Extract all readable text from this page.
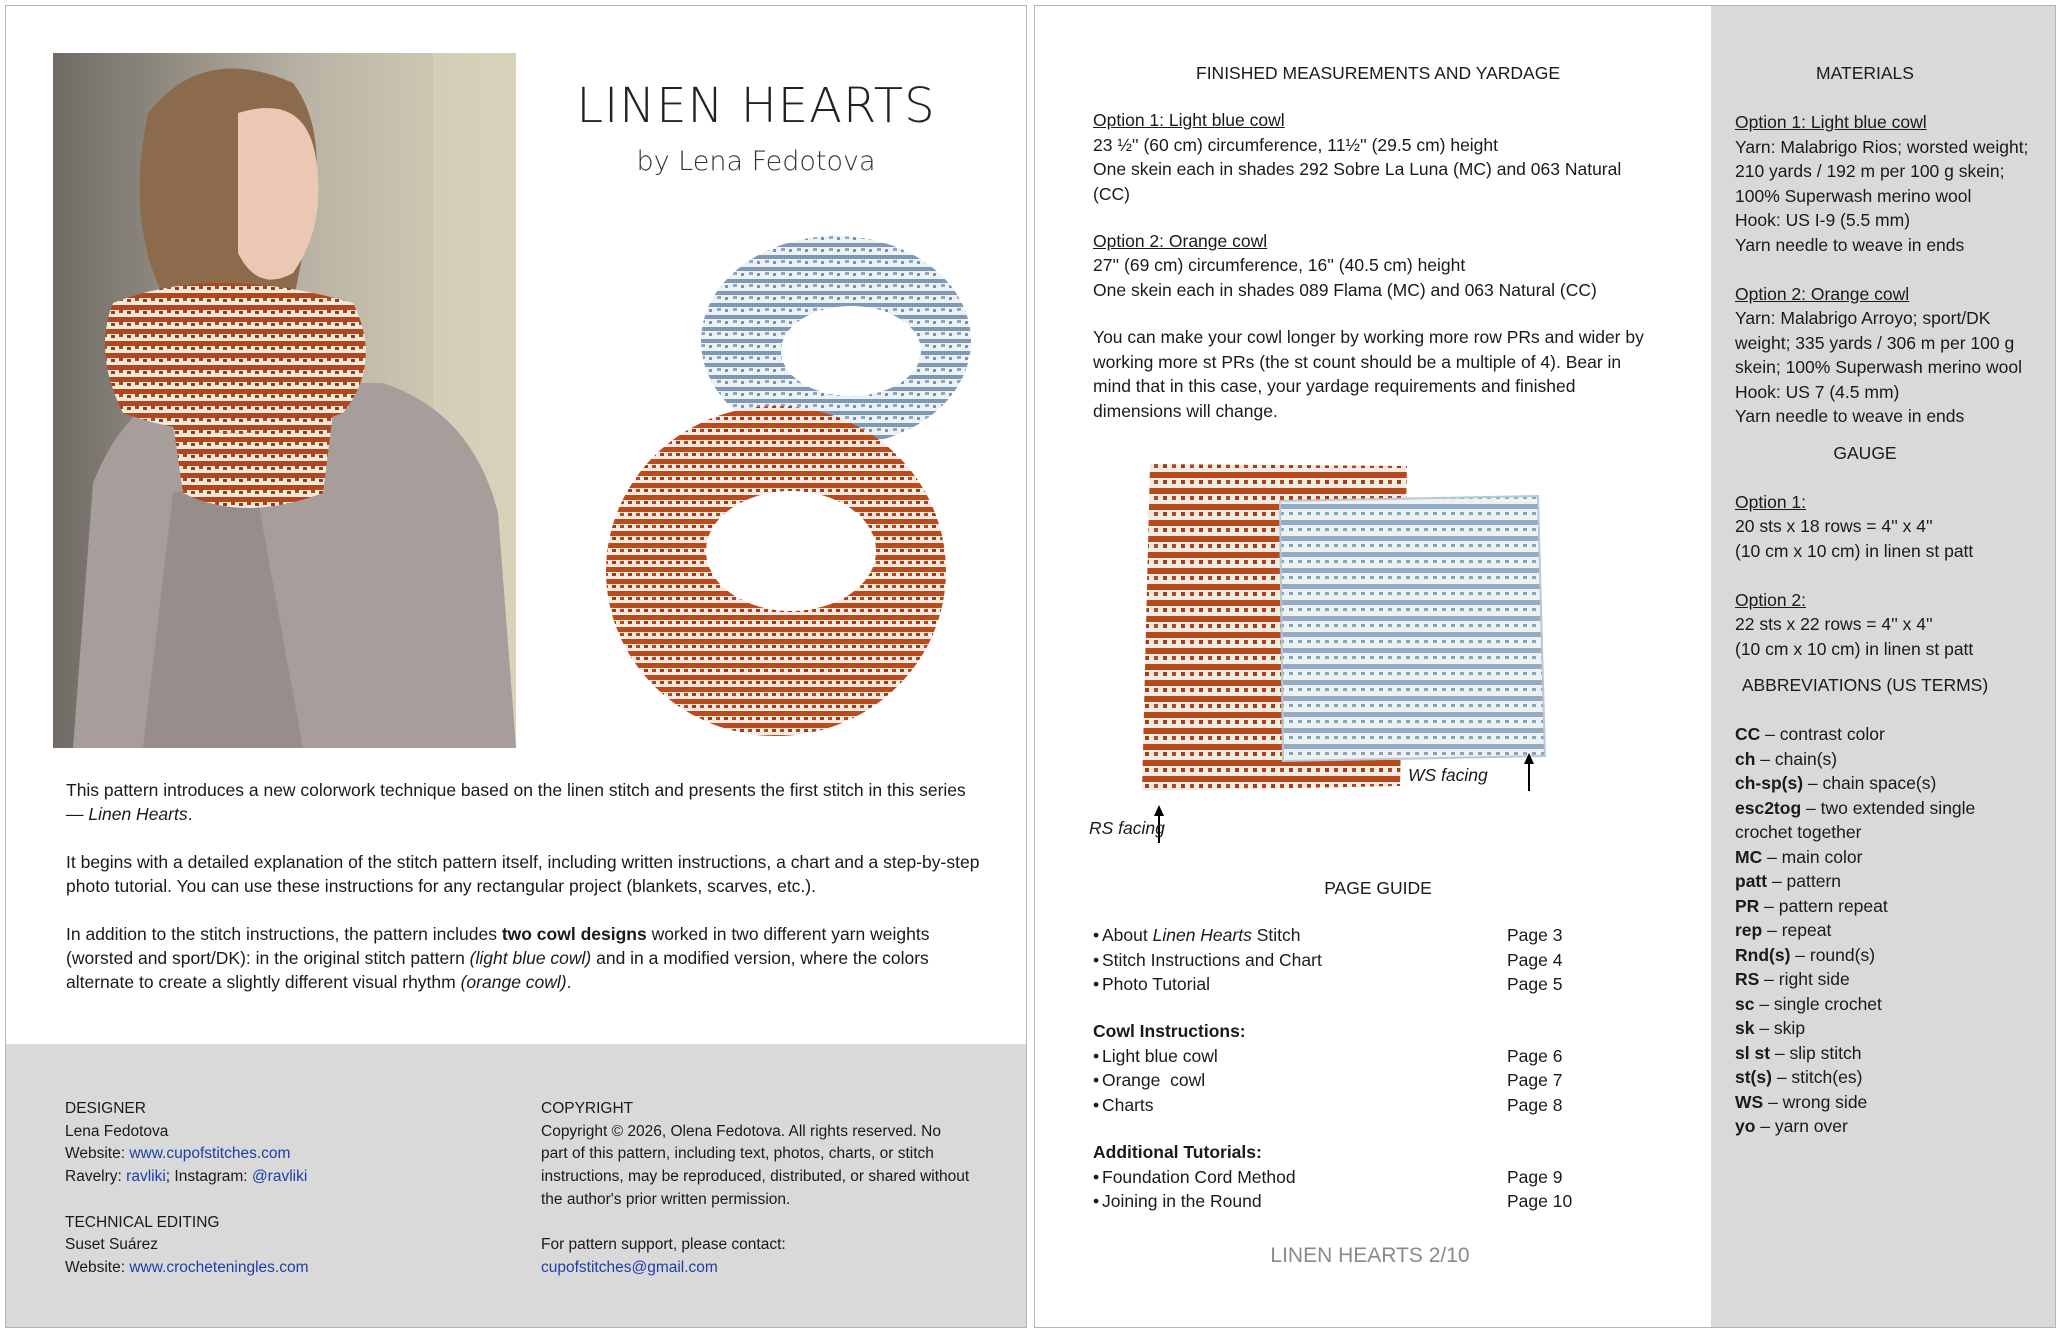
LINEN HEARTS
by Lena Fedotova

This pattern introduces a new colorwork technique based on the linen stitch and presents the first stitch in this series — Linen Hearts.

It begins with a detailed explanation of the stitch pattern itself, including written instructions, a chart and a step-by-step photo tutorial. You can use these instructions for any rectangular project (blankets, scarves, etc.).

In addition to the stitch instructions, the pattern includes two cowl designs worked in two different yarn weights (worsted and sport/DK): in the original stitch pattern (light blue cowl) and in a modified version, where the colors alternate to create a slightly different visual rhythm (orange cowl).

DESIGNER
Lena Fedotova
Website: www.cupofstitches.com
Ravelry: ravliki; Instagram: @ravliki
TECHNICAL EDITING
Suset Suárez
Website: www.crocheteningles.com
COPYRIGHT
Copyright © 2026, Olena Fedotova. All rights reserved. No part of this pattern, including text, photos, charts, or stitch instructions, may be reproduced, distributed, or shared without the author's prior written permission.
For pattern support, please contact:
cupofstitches@gmail.com
FINISHED MEASUREMENTS AND YARDAGE
Option 1: Light blue cowl
23 ½'' (60 cm) circumference, 11½'' (29.5 cm) height
One skein each in shades 292 Sobre La Luna (MC) and 063 Natural (CC)
Option 2: Orange cowl
27'' (69 cm) circumference, 16'' (40.5 cm) height
One skein each in shades 089 Flama (MC) and 063 Natural (CC)
You can make your cowl longer by working more row PRs and wider by working more st PRs (the st count should be a multiple of 4). Bear in mind that in this case, your yardage requirements and finished dimensions will change.
WS facing
RS facing
PAGE GUIDE
• About Linen Hearts Stitch	Page 3
• Stitch Instructions and Chart	Page 4
• Photo Tutorial	Page 5
Cowl Instructions:
• Light blue cowl	Page 6
• Orange  cowl	Page 7
• Charts	Page 8
Additional Tutorials:
• Foundation Cord Method	Page 9
• Joining in the Round	Page 10
LINEN HEARTS 2/10
MATERIALS
Option 1: Light blue cowl
Yarn: Malabrigo Rios; worsted weight; 210 yards / 192 m per 100 g skein; 100% Superwash merino wool
Hook: US I-9 (5.5 mm)
Yarn needle to weave in ends
Option 2: Orange cowl
Yarn: Malabrigo Arroyo; sport/DK weight; 335 yards / 306 m per 100 g skein; 100% Superwash merino wool
Hook: US 7 (4.5 mm)
Yarn needle to weave in ends
GAUGE
Option 1:
20 sts x 18 rows = 4'' x 4''
(10 cm x 10 cm) in linen st patt
Option 2:
22 sts x 22 rows = 4'' x 4''
(10 cm x 10 cm) in linen st patt
ABBREVIATIONS (US TERMS)
CC – contrast color
ch – chain(s)
ch-sp(s) – chain space(s)
esc2tog – two extended single crochet together
MC – main color
patt – pattern
PR – pattern repeat
rep – repeat
Rnd(s) – round(s)
RS – right side
sc – single crochet
sk – skip
sl st – slip stitch
st(s) – stitch(es)
WS – wrong side
yo – yarn over
